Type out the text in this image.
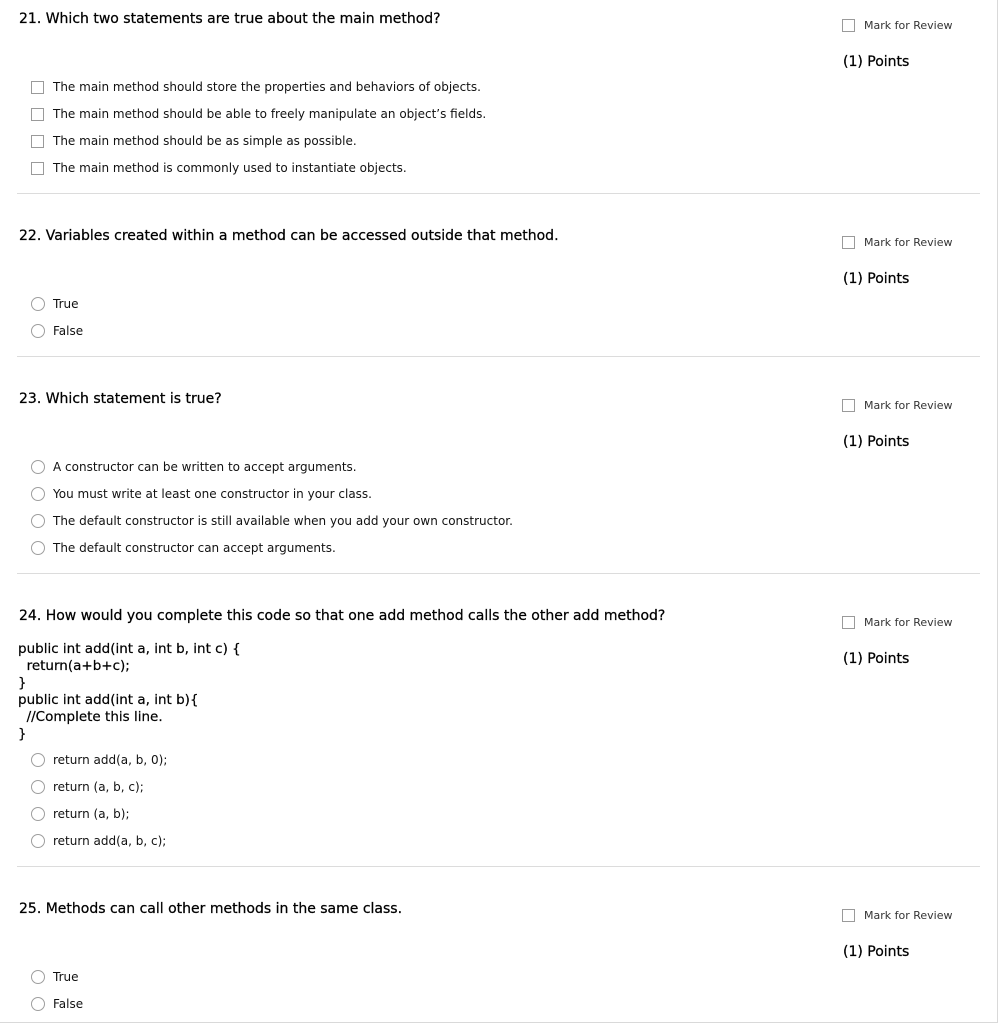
21. Which two statements are true about the main method?	Mark for Review
(1) Points
The main method should store the properties and behaviors of objects.
The main method should be able to freely manipulate an object’s fields.
The main method should be as simple as possible.
The main method is commonly used to instantiate objects.
22. Variables created within a method can be accessed outside that method.	Mark for Review
(1) Points
True
False
23. Which statement is true?	Mark for Review
(1) Points
A constructor can be written to accept arguments.
You must write at least one constructor in your class.
The default constructor is still available when you add your own constructor.
The default constructor can accept arguments.
24. How would you complete this code so that one add method calls the other add method?	Mark for Review
(1) Points
public int add(int a, int b, int c) {
return(a+b+c);
}
public int add(int a, int b){
//Complete this line.
}
return add(a, b, 0);
return (a, b, c);
return (a, b);
return add(a, b, c);
25. Methods can call other methods in the same class.	Mark for Review
(1) Points
True
False
